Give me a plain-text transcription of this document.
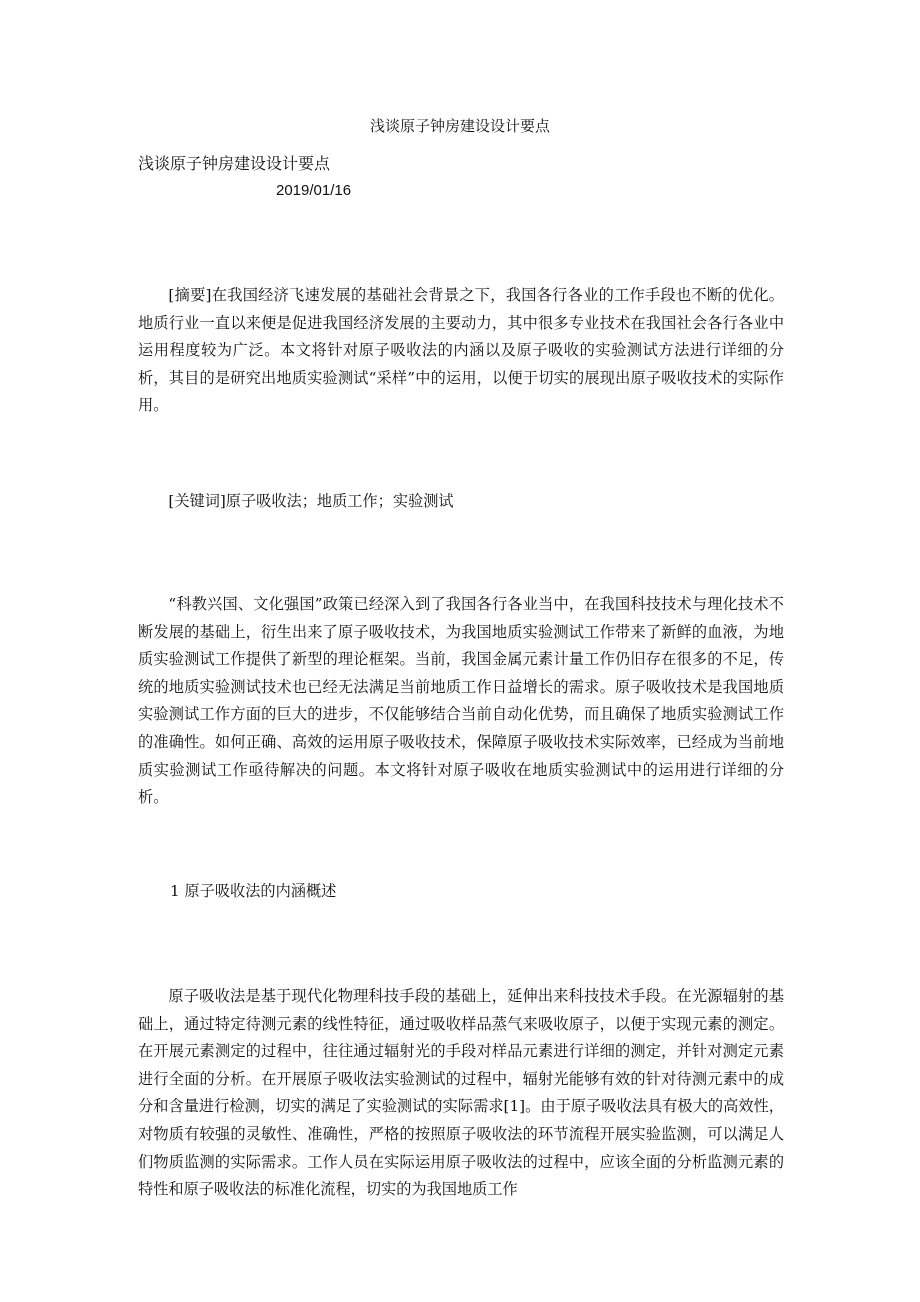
浅谈原子钟房建设设计要点
浅谈原子钟房建设设计要点
2019/01/16

[摘要]在我国经济飞速发展的基础社会背景之下，我国各行各业的工作手段也不断的优化。地质行业一直以来便是促进我国经济发展的主要动力，其中很多专业技术在我国社会各行各业中运用程度较为广泛。本文将针对原子吸收法的内涵以及原子吸收的实验测试方法进行详细的分析，其目的是研究出地质实验测试“采样”中的运用，以便于切实的展现出原子吸收技术的实际作用。

[关键词]原子吸收法；地质工作；实验测试

“科教兴国、文化强国”政策已经深入到了我国各行各业当中，在我国科技技术与理化技术不断发展的基础上，衍生出来了原子吸收技术，为我国地质实验测试工作带来了新鲜的血液，为地质实验测试工作提供了新型的理论框架。当前，我国金属元素计量工作仍旧存在很多的不足，传统的地质实验测试技术也已经无法满足当前地质工作日益增长的需求。原子吸收技术是我国地质实验测试工作方面的巨大的进步，不仅能够结合当前自动化优势，而且确保了地质实验测试工作的准确性。如何正确、高效的运用原子吸收技术，保障原子吸收技术实际效率，已经成为当前地质实验测试工作亟待解决的问题。本文将针对原子吸收在地质实验测试中的运用进行详细的分析。

1 原子吸收法的内涵概述

原子吸收法是基于现代化物理科技手段的基础上，延伸出来科技技术手段。在光源辐射的基础上，通过特定待测元素的线性特征，通过吸收样品蒸气来吸收原子，以便于实现元素的测定。在开展元素测定的过程中，往往通过辐射光的手段对样品元素进行详细的测定，并针对测定元素进行全面的分析。在开展原子吸收法实验测试的过程中，辐射光能够有效的针对待测元素中的成分和含量进行检测，切实的满足了实验测试的实际需求[1]。由于原子吸收法具有极大的高效性，对物质有较强的灵敏性、准确性，严格的按照原子吸收法的环节流程开展实验监测，可以满足人们物质监测的实际需求。工作人员在实际运用原子吸收法的过程中，应该全面的分析监测元素的特性和原子吸收法的标准化流程，切实的为我国地质工作
